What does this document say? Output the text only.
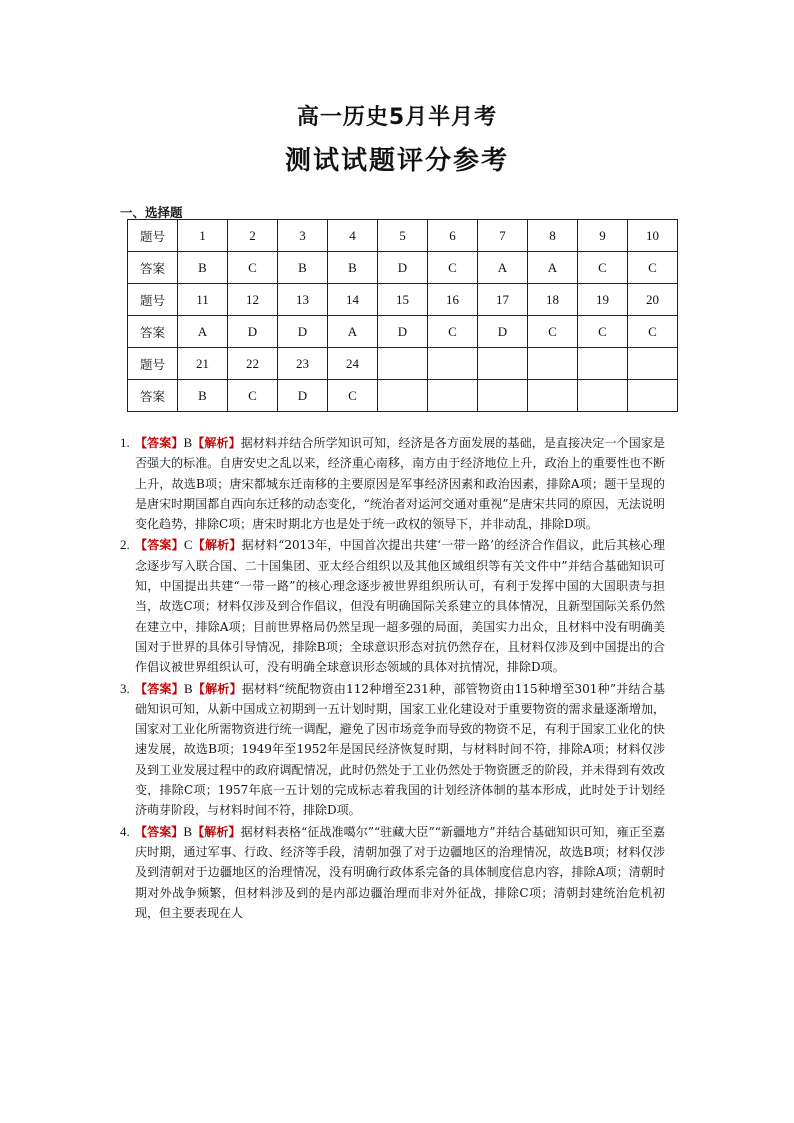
高一历史5月半月考
测试试题评分参考
一、选择题
题号	1	2	3	4	5	6	7	8	9	10
答案	B	C	B	B	D	C	A	A	C	C
题号	11	12	13	14	15	16	17	18	19	20
答案	A	D	D	A	D	C	D	C	C	C
题号	21	22	23	24						
答案	B	C	D	C						
1. 【答案】B【解析】据材料并结合所学知识可知，经济是各方面发展的基础，是直接决定一个国家是否强大的标准。自唐安史之乱以来，经济重心南移，南方由于经济地位上升，政治上的重要性也不断上升，故选B项；唐宋都城东迁南移的主要原因是军事经济因素和政治因素，排除A项；题干呈现的是唐宋时期国都自西向东迁移的动态变化，“统治者对运河交通对重视”是唐宋共同的原因，无法说明变化趋势，排除C项；唐宋时期北方也是处于统一政权的领导下，并非动乱，排除D项。
2. 【答案】C【解析】据材料“2013年，中国首次提出共建‘一带一路’的经济合作倡议，此后其核心理念逐步写入联合国、二十国集团、亚太经合组织以及其他区域组织等有关文件中”并结合基础知识可知，中国提出共建“一带一路”的核心理念逐步被世界组织所认可，有利于发挥中国的大国职责与担当，故选C项；材料仅涉及到合作倡议，但没有明确国际关系建立的具体情况，且新型国际关系仍然在建立中，排除A项；目前世界格局仍然呈现一超多强的局面，美国实力出众，且材料中没有明确美国对于世界的具体引导情况，排除B项；全球意识形态对抗仍然存在，且材料仅涉及到中国提出的合作倡议被世界组织认可，没有明确全球意识形态领域的具体对抗情况，排除D项。
3. 【答案】B【解析】据材料“统配物资由112种增至231种，部管物资由115种增至301种”并结合基础知识可知，从新中国成立初期到一五计划时期，国家工业化建设对于重要物资的需求量逐渐增加，国家对工业化所需物资进行统一调配，避免了因市场竞争而导致的物资不足，有利于国家工业化的快速发展，故选B项；1949年至1952年是国民经济恢复时期，与材料时间不符，排除A项；材料仅涉及到工业发展过程中的政府调配情况，此时仍然处于工业仍然处于物资匮乏的阶段，并未得到有效改变，排除C项；1957年底一五计划的完成标志着我国的计划经济体制的基本形成，此时处于计划经济萌芽阶段，与材料时间不符，排除D项。
4. 【答案】B【解析】据材料表格“征战准噶尔”“驻藏大臣”“新疆地方”并结合基础知识可知，雍正至嘉庆时期，通过军事、行政、经济等手段，清朝加强了对于边疆地区的治理情况，故选B项；材料仅涉及到清朝对于边疆地区的治理情况，没有明确行政体系完备的具体制度信息内容，排除A项；清朝时期对外战争频繁，但材料涉及到的是内部边疆治理而非对外征战，排除C项；清朝封建统治危机初现，但主要表现在人
